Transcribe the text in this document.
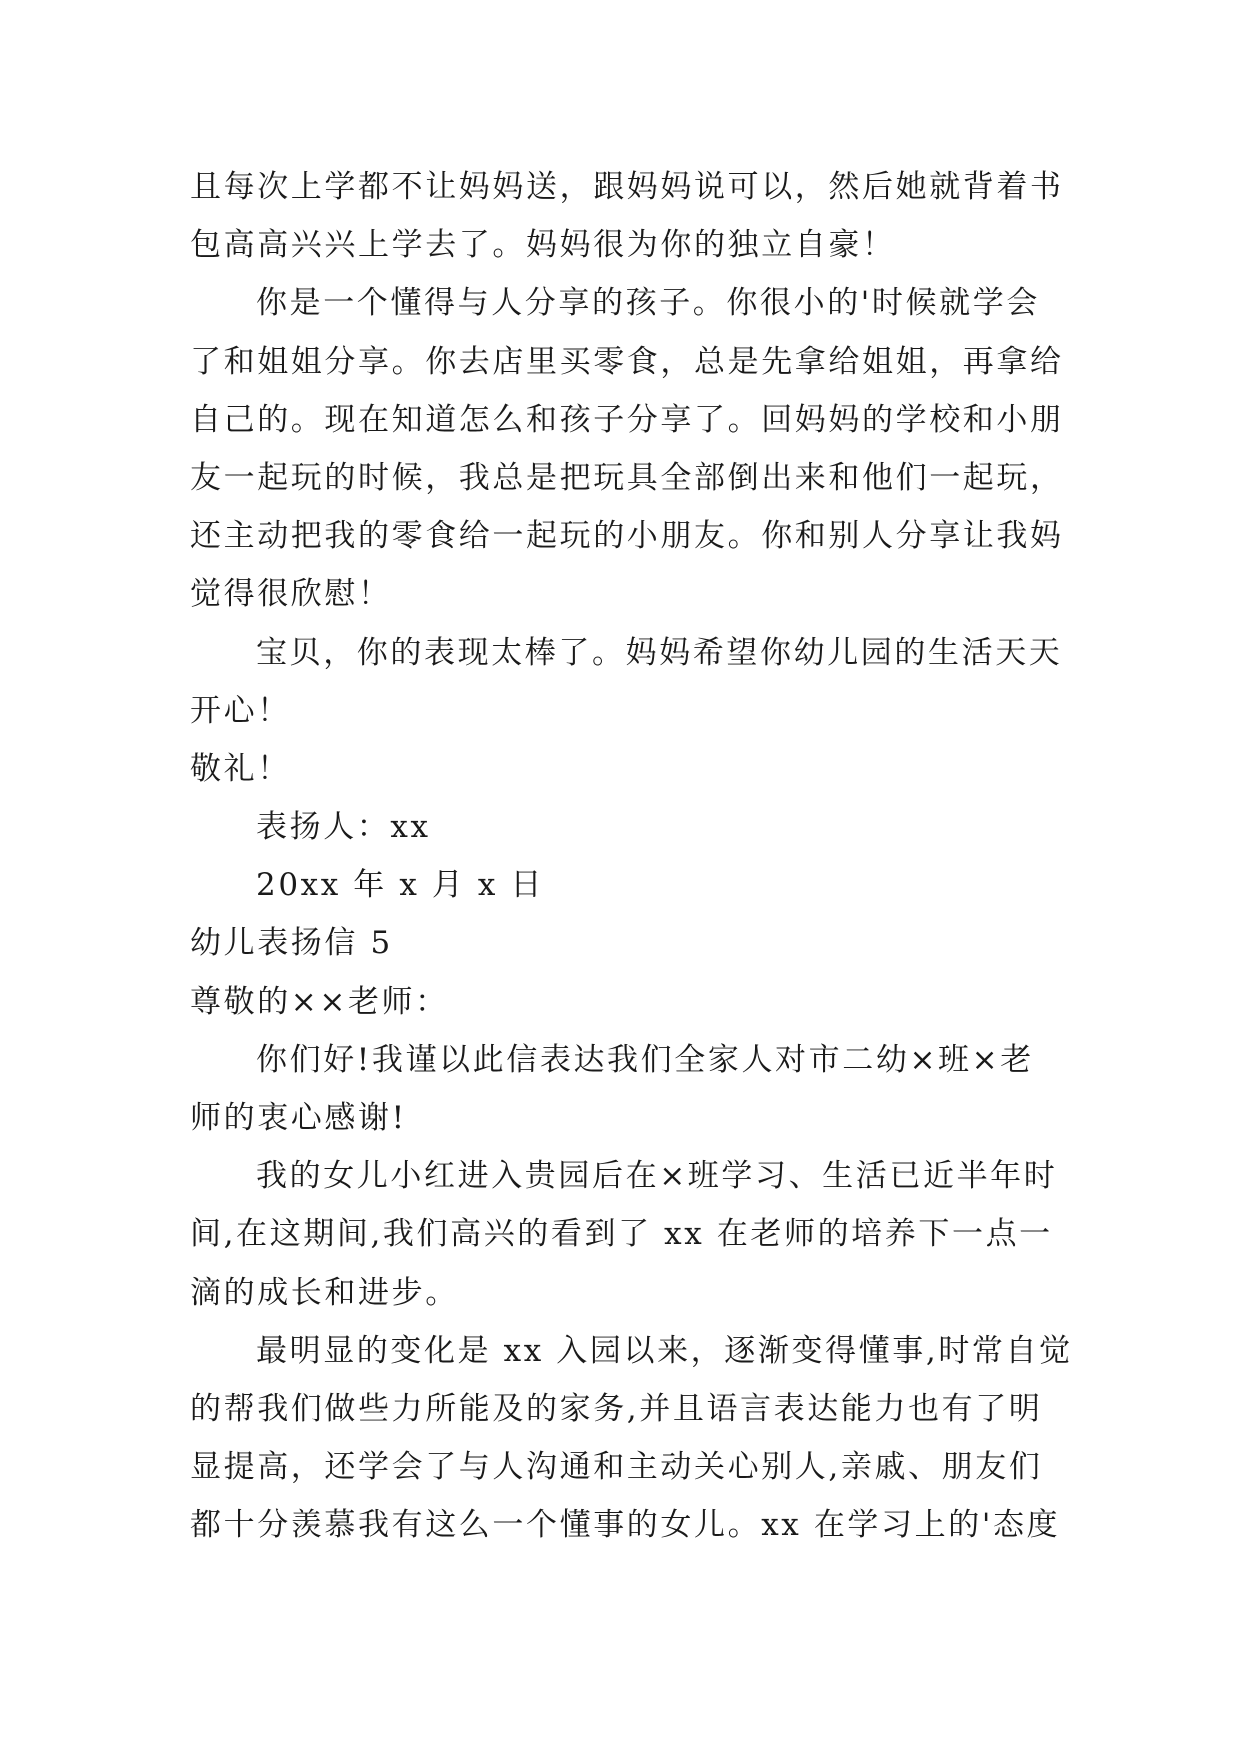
且每次上学都不让妈妈送，跟妈妈说可以，然后她就背着书
包高高兴兴上学去了。妈妈很为你的独立自豪！
你是一个懂得与人分享的孩子。你很小的'时候就学会
了和姐姐分享。你去店里买零食，总是先拿给姐姐，再拿给
自己的。现在知道怎么和孩子分享了。回妈妈的学校和小朋
友一起玩的时候，我总是把玩具全部倒出来和他们一起玩，
还主动把我的零食给一起玩的小朋友。你和别人分享让我妈
觉得很欣慰！
宝贝，你的表现太棒了。妈妈希望你幼儿园的生活天天
开心！
敬礼！
表扬人：xx
20xx 年 x 月 x 日
幼儿表扬信 5
尊敬的××老师：
你们好!我谨以此信表达我们全家人对市二幼×班×老
师的衷心感谢!
我的女儿小红进入贵园后在×班学习、生活已近半年时
间,在这期间,我们高兴的看到了 xx 在老师的培养下一点一
滴的成长和进步。
最明显的变化是 xx 入园以来，逐渐变得懂事,时常自觉
的帮我们做些力所能及的家务,并且语言表达能力也有了明
显提高，还学会了与人沟通和主动关心别人,亲戚、朋友们
都十分羡慕我有这么一个懂事的女儿。xx 在学习上的'态度
